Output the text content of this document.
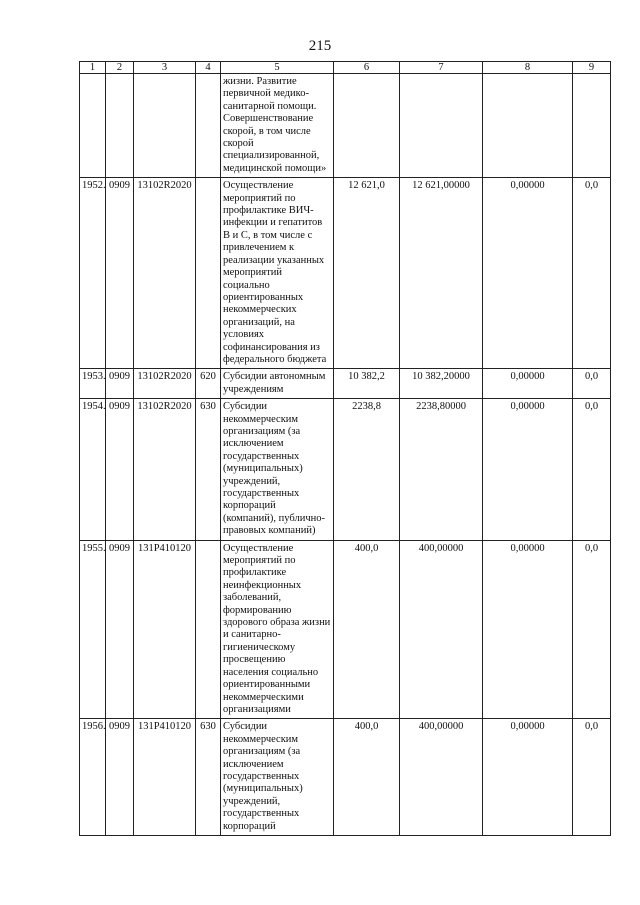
215
1	2	3	4	5	6	7	8	9
				жизни. Развитие первичной медико-санитарной помощи. Совершенствование скорой, в том числе скорой специализированной, медицинской помощи»				
1952.	0909	13102R2020		Осуществление мероприятий по профилактике ВИЧ-инфекции и гепатитов В и С, в том числе с привлечением к реализации указанных мероприятий социально ориентированных некоммерческих организаций, на условиях софинансирования из федерального бюджета	12 621,0	12 621,00000	0,00000	0,0
1953.	0909	13102R2020	620	Субсидии автономным учреждениям	10 382,2	10 382,20000	0,00000	0,0
1954.	0909	13102R2020	630	Субсидии некоммерческим организациям (за исключением государственных (муниципальных) учреждений, государственных корпораций (компаний), публично-правовых компаний)	2238,8	2238,80000	0,00000	0,0
1955.	0909	131P410120		Осуществление мероприятий по профилактике неинфекционных заболеваний, формированию здорового образа жизни и санитарно-гигиеническому просвещению населения социально ориентированными некоммерческими организациями	400,0	400,00000	0,00000	0,0
1956.	0909	131P410120	630	Субсидии некоммерческим организациям (за исключением государственных (муниципальных) учреждений, государственных корпораций	400,0	400,00000	0,00000	0,0
